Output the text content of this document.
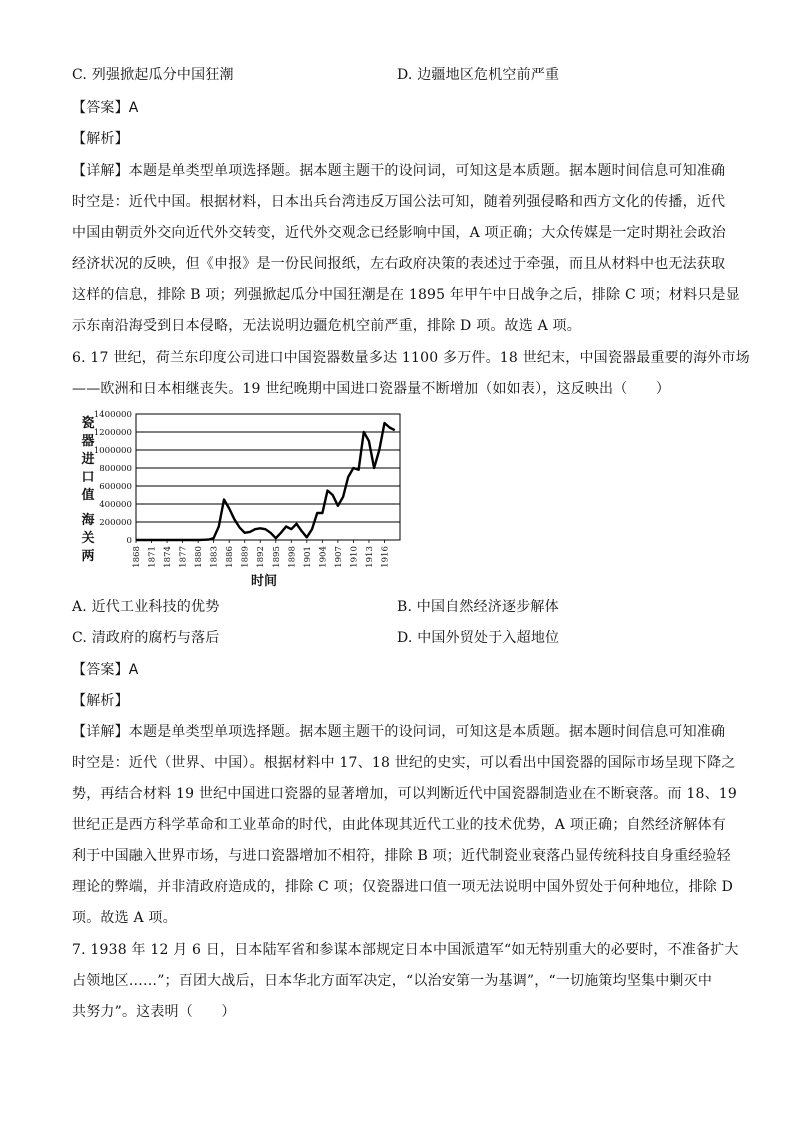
C. 列强掀起瓜分中国狂潮	D. 边疆地区危机空前严重
【答案】A
【解析】
【详解】本题是单类型单项选择题。据本题主题干的设问词，可知这是本质题。据本题时间信息可知准确
时空是：近代中国。根据材料，日本出兵台湾违反万国公法可知，随着列强侵略和西方文化的传播，近代
中国由朝贡外交向近代外交转变，近代外交观念已经影响中国，A 项正确；大众传媒是一定时期社会政治
经济状况的反映，但《申报》是一份民间报纸，左右政府决策的表述过于牵强，而且从材料中也无法获取
这样的信息，排除 B 项；列强掀起瓜分中国狂潮是在 1895 年甲午中日战争之后，排除 C 项；材料只是显
示东南沿海受到日本侵略，无法说明边疆危机空前严重，排除 D 项。故选 A 项。
6. 17 世纪，荷兰东印度公司进口中国瓷器数量多达 1100 多万件。18 世纪末，中国瓷器最重要的海外市场
——欧洲和日本相继丧失。19 世纪晚期中国进口瓷器量不断增加（如如表），这反映出（　　）
0
200000
400000
600000
800000
1000000
1200000
1400000
1868 1871 1874 1877 1880 1883 1886 1889 1892 1895 1898 1901 1904 1907 1910 1913 1916
瓷
器
进
口
值
海
关
两
时间
A. 近代工业科技的优势	B. 中国自然经济逐步解体
C. 清政府的腐朽与落后	D. 中国外贸处于入超地位
【答案】A
【解析】
【详解】本题是单类型单项选择题。据本题主题干的设问词，可知这是本质题。据本题时间信息可知准确
时空是：近代（世界、中国）。根据材料中 17、18 世纪的史实，可以看出中国瓷器的国际市场呈现下降之
势，再结合材料 19 世纪中国进口瓷器的显著增加，可以判断近代中国瓷器制造业在不断衰落。而 18、19
世纪正是西方科学革命和工业革命的时代，由此体现其近代工业的技术优势，A 项正确；自然经济解体有
利于中国融入世界市场，与进口瓷器增加不相符，排除 B 项；近代制瓷业衰落凸显传统科技自身重经验轻
理论的弊端，并非清政府造成的，排除 C 项；仅瓷器进口值一项无法说明中国外贸处于何种地位，排除 D
项。故选 A 项。
7. 1938 年 12 月 6 日，日本陆军省和参谋本部规定日本中国派遣军“如无特别重大的必要时，不准备扩大
占领地区……”；百团大战后，日本华北方面军决定，“以治安第一为基调”，“一切施策均坚集中剿灭中
共努力”。这表明（　　）
